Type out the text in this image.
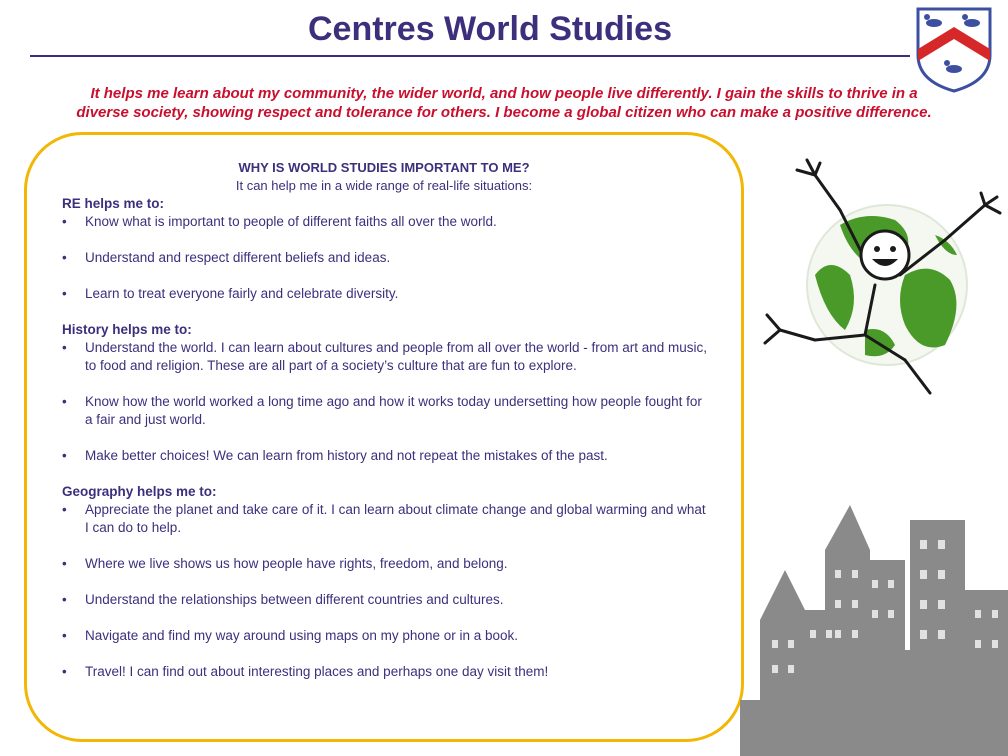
Centres World Studies
It helps me learn about my community, the wider world, and how people live differently. I gain the skills to thrive in a
diverse society, showing respect and tolerance for others. I become a global citizen who can make a positive difference.
WHY IS WORLD STUDIES IMPORTANT TO ME?
It can help me in a wide range of real-life situations:
RE helps me to:
• Know what is important to people of different faiths all over the world.
• Understand and respect different beliefs and ideas.
• Learn to treat everyone fairly and celebrate diversity.
History helps me to:
• Understand the world. I can learn about cultures and people from all over the world - from art and music, to food and religion. These are all part of a society’s culture that are fun to explore.
• Know how the world worked a long time ago and how it works today undersetting how people fought for a fair and just world.
• Make better choices! We can learn from history and not repeat the mistakes of the past.
Geography helps me to:
• Appreciate the planet and take care of it. I can learn about climate change and global warming and what I can do to help.
• Where we live shows us how people have rights, freedom, and belong.
• Understand the relationships between different countries and cultures.
• Navigate and find my way around using maps on my phone or in a book.
• Travel! I can find out about interesting places and perhaps one day visit them!
